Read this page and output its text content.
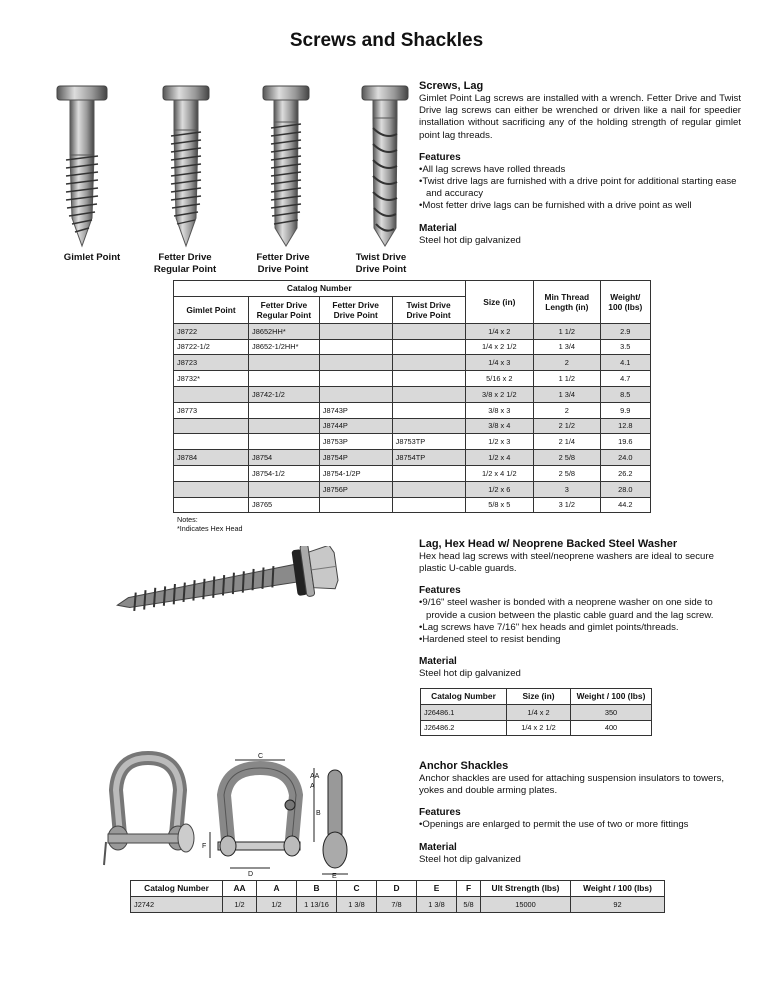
Screws and Shackles
Gimlet Point	Fetter Drive
Regular Point
Fetter Drive
Drive Point
Twist Drive
Drive Point
Screws, Lag

Gimlet Point Lag screws are installed with a wrench. Fetter Drive and Twist Drive lag screws can either be wrenched or driven like a nail for speedier installation without sacrificing any of the holding strength of regular gimlet point lag threads.

Features
• All lag screws have rolled threads
• Twist drive lags are furnished with a drive point for additional starting ease and accuracy
• Most fetter drive lags can be furnished with a drive point as well
Material

Steel hot dip galvanized

Catalog Number				Size (in)	Min Thread Length (in)	Weight/ 100 (lbs)
Gimlet Point	Fetter Drive Regular Point	Fetter Drive Drive Point	Twist Drive Drive Point			
J8722	J8652HH*			1/4 x 2	1 1/2	2.9
J8722-1/2	J8652-1/2HH*			1/4 x 2 1/2	1 3/4	3.5
J8723				1/4 x 3	2	4.1
J8732*				5/16 x 2	1 1/2	4.7
	J8742-1/2			3/8 x 2 1/2	1 3/4	8.5
J8773		J8743P		3/8 x 3	2	9.9
		J8744P		3/8 x 4	2 1/2	12.8
		J8753P	J8753TP	1/2 x 3	2 1/4	19.6
J8784	J8754	J8754P	J8754TP	1/2 x 4	2 5/8	24.0
	J8754-1/2	J8754-1/2P		1/2 x 4 1/2	2 5/8	26.2
		J8756P		1/2 x 6	3	28.0
	J8765			5/8 x 5	3 1/2	44.2
Notes:
*Indicates Hex Head
Lag, Hex Head w/ Neoprene Backed Steel Washer

Hex head lag screws with steel/neoprene washers are ideal to secure plastic U-cable guards.

Features
• 9/16" steel washer is bonded with a neoprene washer on one side to provide a cusion between the plastic cable guard and the lag screw.
• Lag screws have 7/16" hex heads and gimlet points/threads.
• Hardened steel to resist bending
Material

Steel hot dip galvanized

Catalog Number	Size (in)	Weight / 100 (lbs)
J26486.1	1/4 x 2	350
J26486.2	1/4 x 2 1/2	400
C
AA
A
B
F
D	E
Anchor Shackles

Anchor shackles are used for attaching suspension insulators to towers, yokes and double arming plates.

Features
• Openings are enlarged to permit the use of two or more fittings
Material

Steel hot dip galvanized

Catalog Number	AA	A	B	C	D	E	F	Ult Strength (lbs)	Weight / 100 (lbs)
J2742	1/2	1/2	1 13/16	1 3/8	7/8	1 3/8	5/8	15000	92
